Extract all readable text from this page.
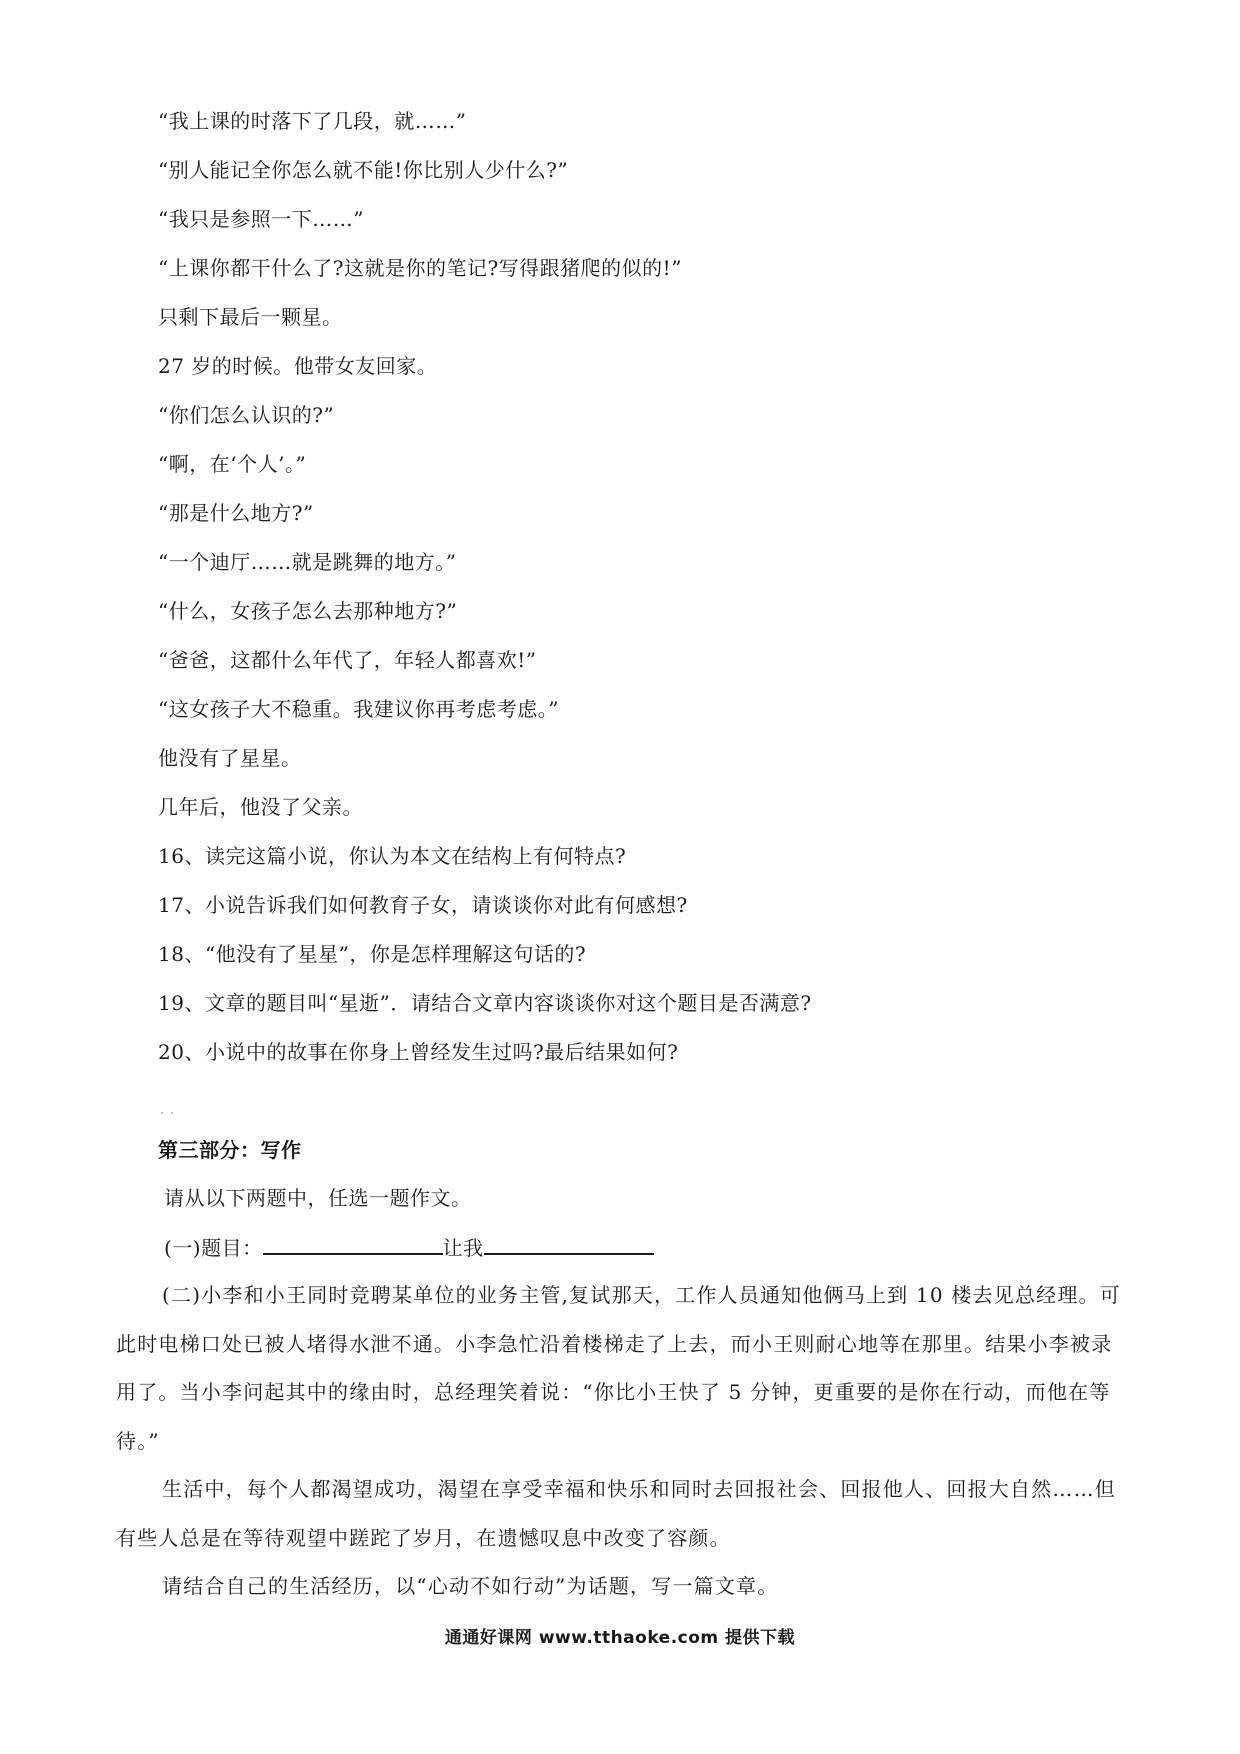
“我上课的时落下了几段，就……”
“别人能记全你怎么就不能!你比别人少什么?”
“我只是参照一下……”
“上课你都干什么了?这就是你的笔记?写得跟猪爬的似的!”
只剩下最后一颗星。
27 岁的时候。他带女友回家。
“你们怎么认识的?”
“啊，在‘个人’。”
“那是什么地方?”
“一个迪厅……就是跳舞的地方。”
“什么，女孩子怎么去那种地方?”
“爸爸，这都什么年代了，年轻人都喜欢!”
“这女孩子大不稳重。我建议你再考虑考虑。”
他没有了星星。
几年后，他没了父亲。
16、读完这篇小说，你认为本文在结构上有何特点?
17、小说告诉我们如何教育子女，请谈谈你对此有何感想?
18、“他没有了星星”，你是怎样理解这句话的?
19、文章的题目叫“星逝”．请结合文章内容谈谈你对这个题目是否满意?
20、小说中的故事在你身上曾经发生过吗?最后结果如何?
第三部分：写作
请从以下两题中，任选一题作文。
(一)题目：	让我
(二)小李和小王同时竞聘某单位的业务主管,复试那天，工作人员通知他俩马上到 10 楼去见总经理。可此时电梯口处已被人堵得水泄不通。小李急忙沿着楼梯走了上去，而小王则耐心地等在那里。结果小李被录用了。当小李问起其中的缘由时，总经理笑着说：“你比小王快了 5 分钟，更重要的是你在行动，而他在等待。”
生活中，每个人都渴望成功，渴望在享受幸福和快乐和同时去回报社会、回报他人、回报大自然……但有些人总是在等待观望中蹉跎了岁月，在遗憾叹息中改变了容颜。
请结合自己的生活经历，以“心动不如行动”为话题，写一篇文章。
通通好课网 www.tthaoke.com 提供下载
